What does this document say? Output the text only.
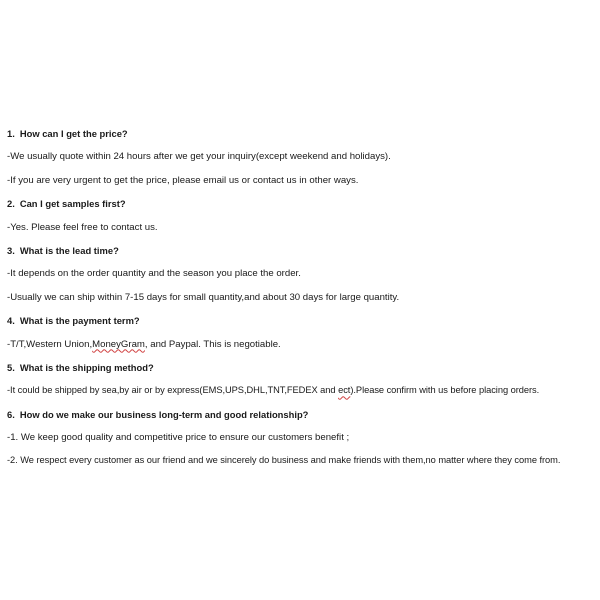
1. How can I get the price?
-We usually quote within 24 hours after we get your inquiry(except weekend and holidays).
-If you are very urgent to get the price, please email us or contact us in other ways.
2. Can I get samples first?
-Yes. Please feel free to contact us.
3. What is the lead time?
-It depends on the order quantity and the season you place the order.
-Usually we can ship within 7-15 days for small quantity,and about 30 days for large quantity.
4. What is the payment term?
-T/T,Western Union,MoneyGram, and Paypal. This is negotiable.
5. What is the shipping method?
-It could be shipped by sea,by air or by express(EMS,UPS,DHL,TNT,FEDEX and ect).Please confirm with us before placing orders.
6. How do we make our business long-term and good relationship?
-1. We keep good quality and competitive price to ensure our customers benefit ;
-2. We respect every customer as our friend and we sincerely do business and make friends with them,no matter where they come from.
